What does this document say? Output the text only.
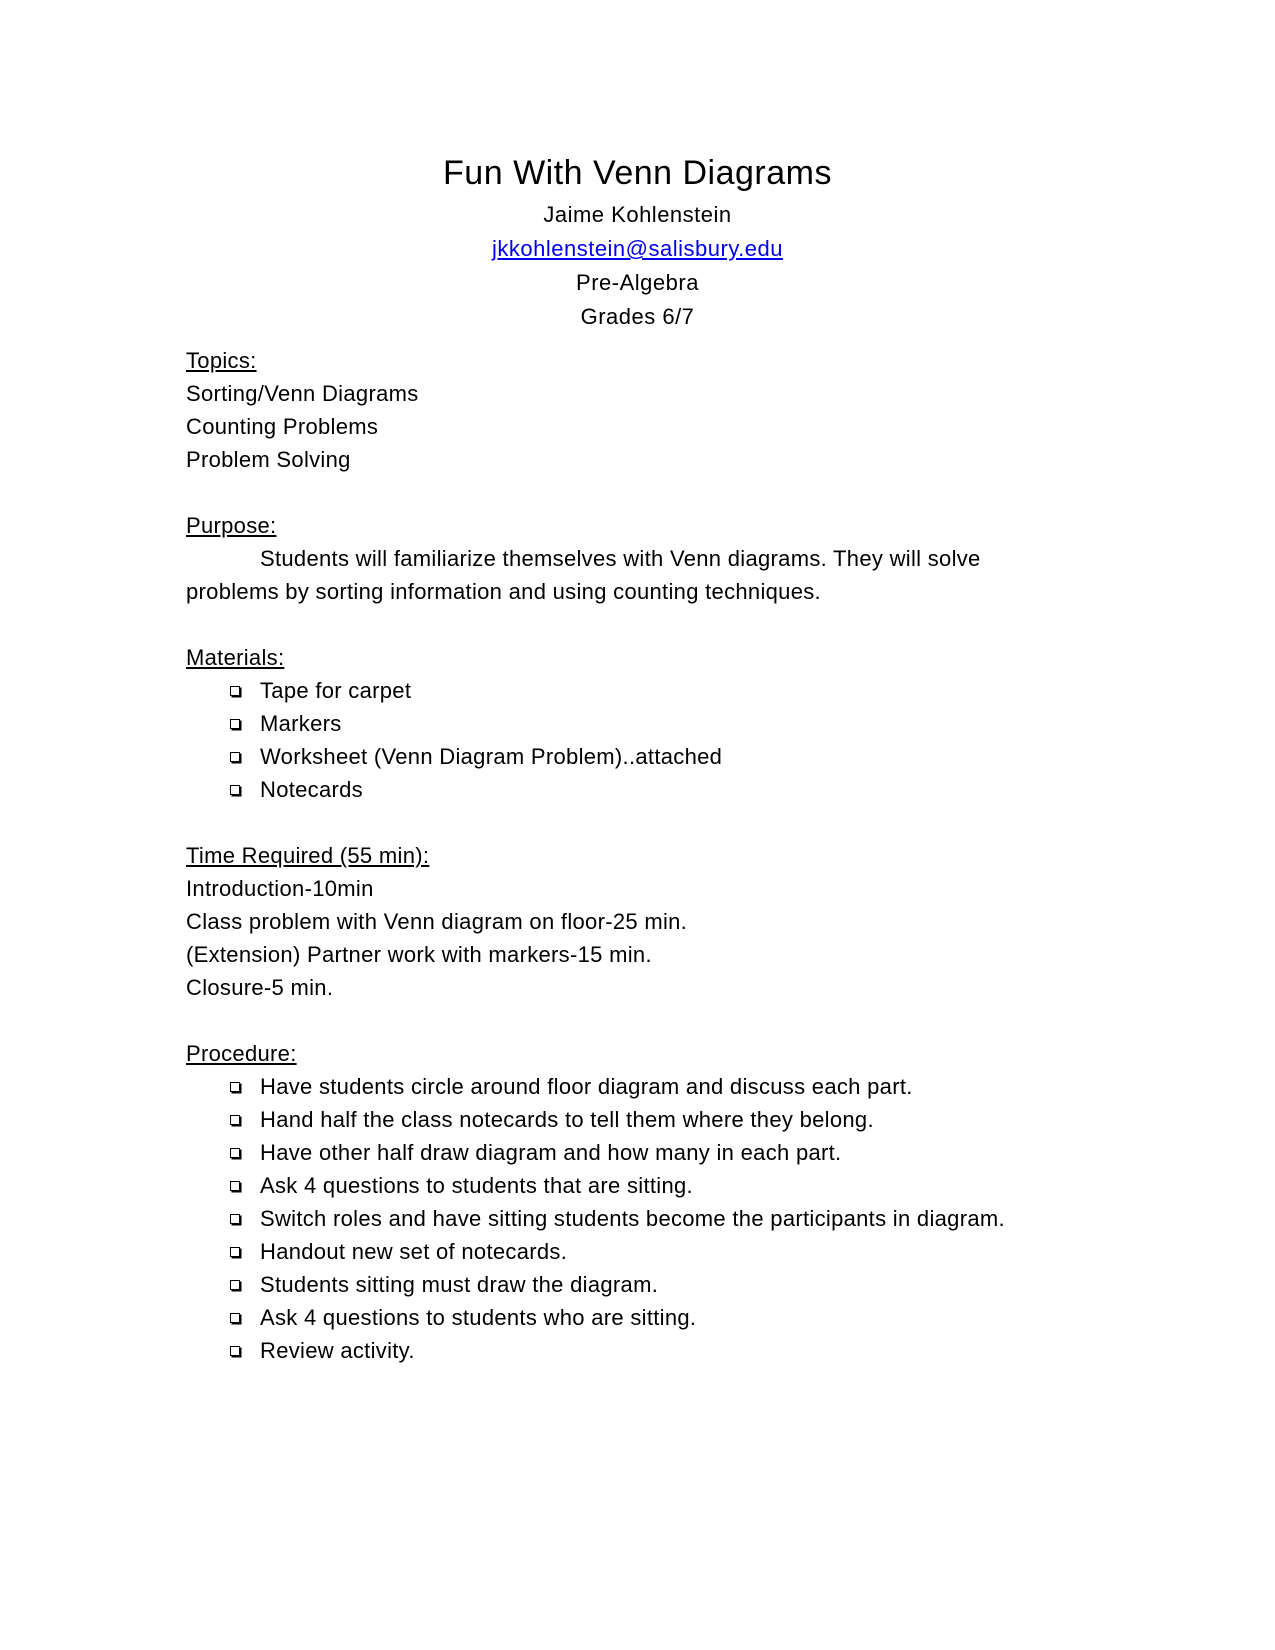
Fun With Venn Diagrams
Jaime Kohlenstein
jkkohlenstein@salisbury.edu
Pre-Algebra
Grades 6/7
Topics:
Sorting/Venn Diagrams
Counting Problems
Problem Solving
Purpose:

Students will familiarize themselves with Venn diagrams. They will solve problems by sorting information and using counting techniques.

Materials:
Tape for carpet
Markers
Worksheet (Venn Diagram Problem)..attached
Notecards
Time Required (55 min):
Introduction-10min
Class problem with Venn diagram on floor-25 min.
(Extension) Partner work with markers-15 min.
Closure-5 min.
Procedure:
Have students circle around floor diagram and discuss each part.
Hand half the class notecards to tell them where they belong.
Have other half draw diagram and how many in each part.
Ask 4 questions to students that are sitting.
Switch roles and have sitting students become the participants in diagram.
Handout new set of notecards.
Students sitting must draw the diagram.
Ask 4 questions to students who are sitting.
Review activity.
